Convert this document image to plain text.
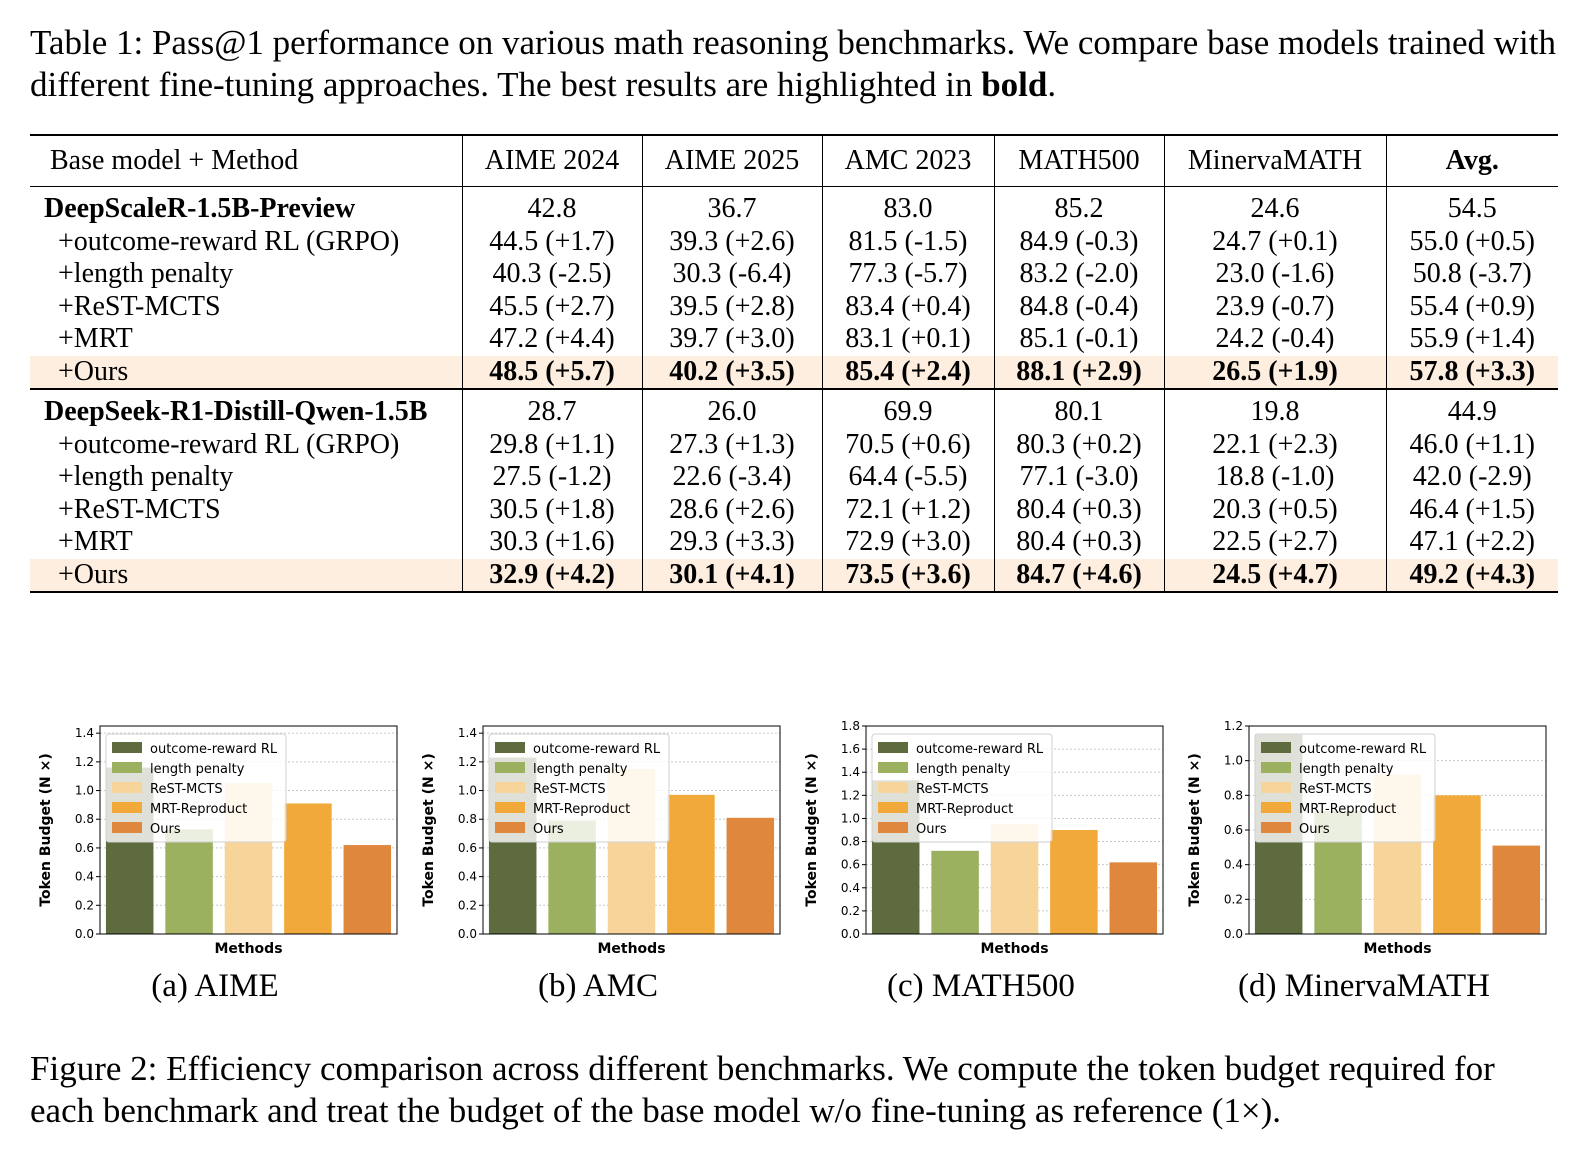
Table 1: Pass@1 performance on various math reasoning benchmarks. We compare base models trained with different fine-tuning approaches. The best results are highlighted in bold.
Base model + Method	AIME 2024	AIME 2025	AMC 2023	MATH500	MinervaMATH	Avg.
DeepScaleR-1.5B-Preview	42.8	36.7	83.0	85.2	24.6	54.5
+outcome-reward RL (GRPO)	44.5 (+1.7)	39.3 (+2.6)	81.5 (-1.5)	84.9 (-0.3)	24.7 (+0.1)	55.0 (+0.5)
+length penalty	40.3 (-2.5)	30.3 (-6.4)	77.3 (-5.7)	83.2 (-2.0)	23.0 (-1.6)	50.8 (-3.7)
+ReST-MCTS	45.5 (+2.7)	39.5 (+2.8)	83.4 (+0.4)	84.8 (-0.4)	23.9 (-0.7)	55.4 (+0.9)
+MRT	47.2 (+4.4)	39.7 (+3.0)	83.1 (+0.1)	85.1 (-0.1)	24.2 (-0.4)	55.9 (+1.4)
+Ours	48.5 (+5.7)	40.2 (+3.5)	85.4 (+2.4)	88.1 (+2.9)	26.5 (+1.9)	57.8 (+3.3)
DeepSeek-R1-Distill-Qwen-1.5B	28.7	26.0	69.9	80.1	19.8	44.9
+outcome-reward RL (GRPO)	29.8 (+1.1)	27.3 (+1.3)	70.5 (+0.6)	80.3 (+0.2)	22.1 (+2.3)	46.0 (+1.1)
+length penalty	27.5 (-1.2)	22.6 (-3.4)	64.4 (-5.5)	77.1 (-3.0)	18.8 (-1.0)	42.0 (-2.9)
+ReST-MCTS	30.5 (+1.8)	28.6 (+2.6)	72.1 (+1.2)	80.4 (+0.3)	20.3 (+0.5)	46.4 (+1.5)
+MRT	30.3 (+1.6)	29.3 (+3.3)	72.9 (+3.0)	80.4 (+0.3)	22.5 (+2.7)	47.1 (+2.2)
+Ours	32.9 (+4.2)	30.1 (+4.1)	73.5 (+3.6)	84.7 (+4.6)	24.5 (+4.7)	49.2 (+4.3)
0.0
0.2
0.4
0.6
0.8
1.0
1.2
1.4
outcome-reward RL
length penalty
ReST-MCTS
MRT-Reproduct
Ours
Methods
Token Budget (N ×)
(a) AIME
0.0
0.2
0.4
0.6
0.8
1.0
1.2
1.4
outcome-reward RL
length penalty
ReST-MCTS
MRT-Reproduct
Ours
Methods
Token Budget (N ×)
(b) AMC
0.0
0.2
0.4
0.6
0.8
1.0
1.2
1.4
1.6
1.8
outcome-reward RL
length penalty
ReST-MCTS
MRT-Reproduct
Ours
Methods
Token Budget (N ×)
(c) MATH500
0.0
0.2
0.4
0.6
0.8
1.0
1.2
outcome-reward RL
length penalty
ReST-MCTS
MRT-Reproduct
Ours
Methods
Token Budget (N ×)
(d) MinervaMATH
Figure 2: Efficiency comparison across different benchmarks. We compute the token budget required for each benchmark and treat the budget of the base model w/o fine-tuning as reference (1×).
